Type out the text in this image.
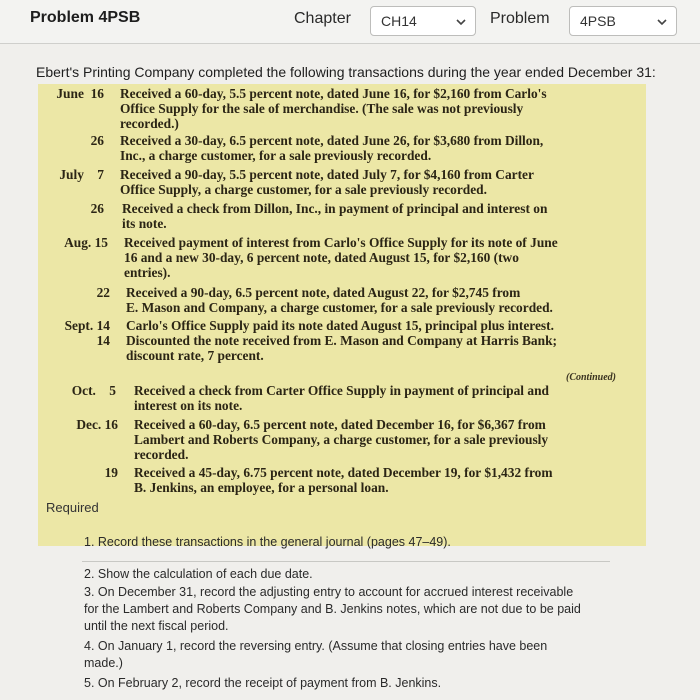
Problem 4PSB	Chapter	CH14	Problem	4PSB
Ebert's Printing Company completed the following transactions during the year ended December 31:
June 16 Received a 60-day, 5.5 percent note, dated June 16, for $2,160 from Carlo's
Office Supply for the sale of merchandise. (The sale was not previously
recorded.)
26 Received a 30-day, 6.5 percent note, dated June 26, for $3,680 from Dillon,
Inc., a charge customer, for a sale previously recorded.
July 7 Received a 90-day, 5.5 percent note, dated July 7, for $4,160 from Carter
Office Supply, a charge customer, for a sale previously recorded.
26 Received a check from Dillon, Inc., in payment of principal and interest on
its note.
Aug. 15 Received payment of interest from Carlo's Office Supply for its note of June
16 and a new 30-day, 6 percent note, dated August 15, for $2,160 (two
entries).
22 Received a 90-day, 6.5 percent note, dated August 22, for $2,745 from
E. Mason and Company, a charge customer, for a sale previously recorded.
Sept. 14 Carlo's Office Supply paid its note dated August 15, principal plus interest.
14 Discounted the note received from E. Mason and Company at Harris Bank;
discount rate, 7 percent.
(Continued)
Oct. 5 Received a check from Carter Office Supply in payment of principal and
interest on its note.
Dec. 16 Received a 60-day, 6.5 percent note, dated December 16, for $6,367 from
Lambert and Roberts Company, a charge customer, for a sale previously
recorded.
19 Received a 45-day, 6.75 percent note, dated December 19, for $1,432 from
B. Jenkins, an employee, for a personal loan.
Required
1. Record these transactions in the general journal (pages 47–49).
2. Show the calculation of each due date.
3. On December 31, record the adjusting entry to account for accrued interest receivable
for the Lambert and Roberts Company and B. Jenkins notes, which are not due to be paid
until the next fiscal period.
4. On January 1, record the reversing entry. (Assume that closing entries have been
made.)
5. On February 2, record the receipt of payment from B. Jenkins.
